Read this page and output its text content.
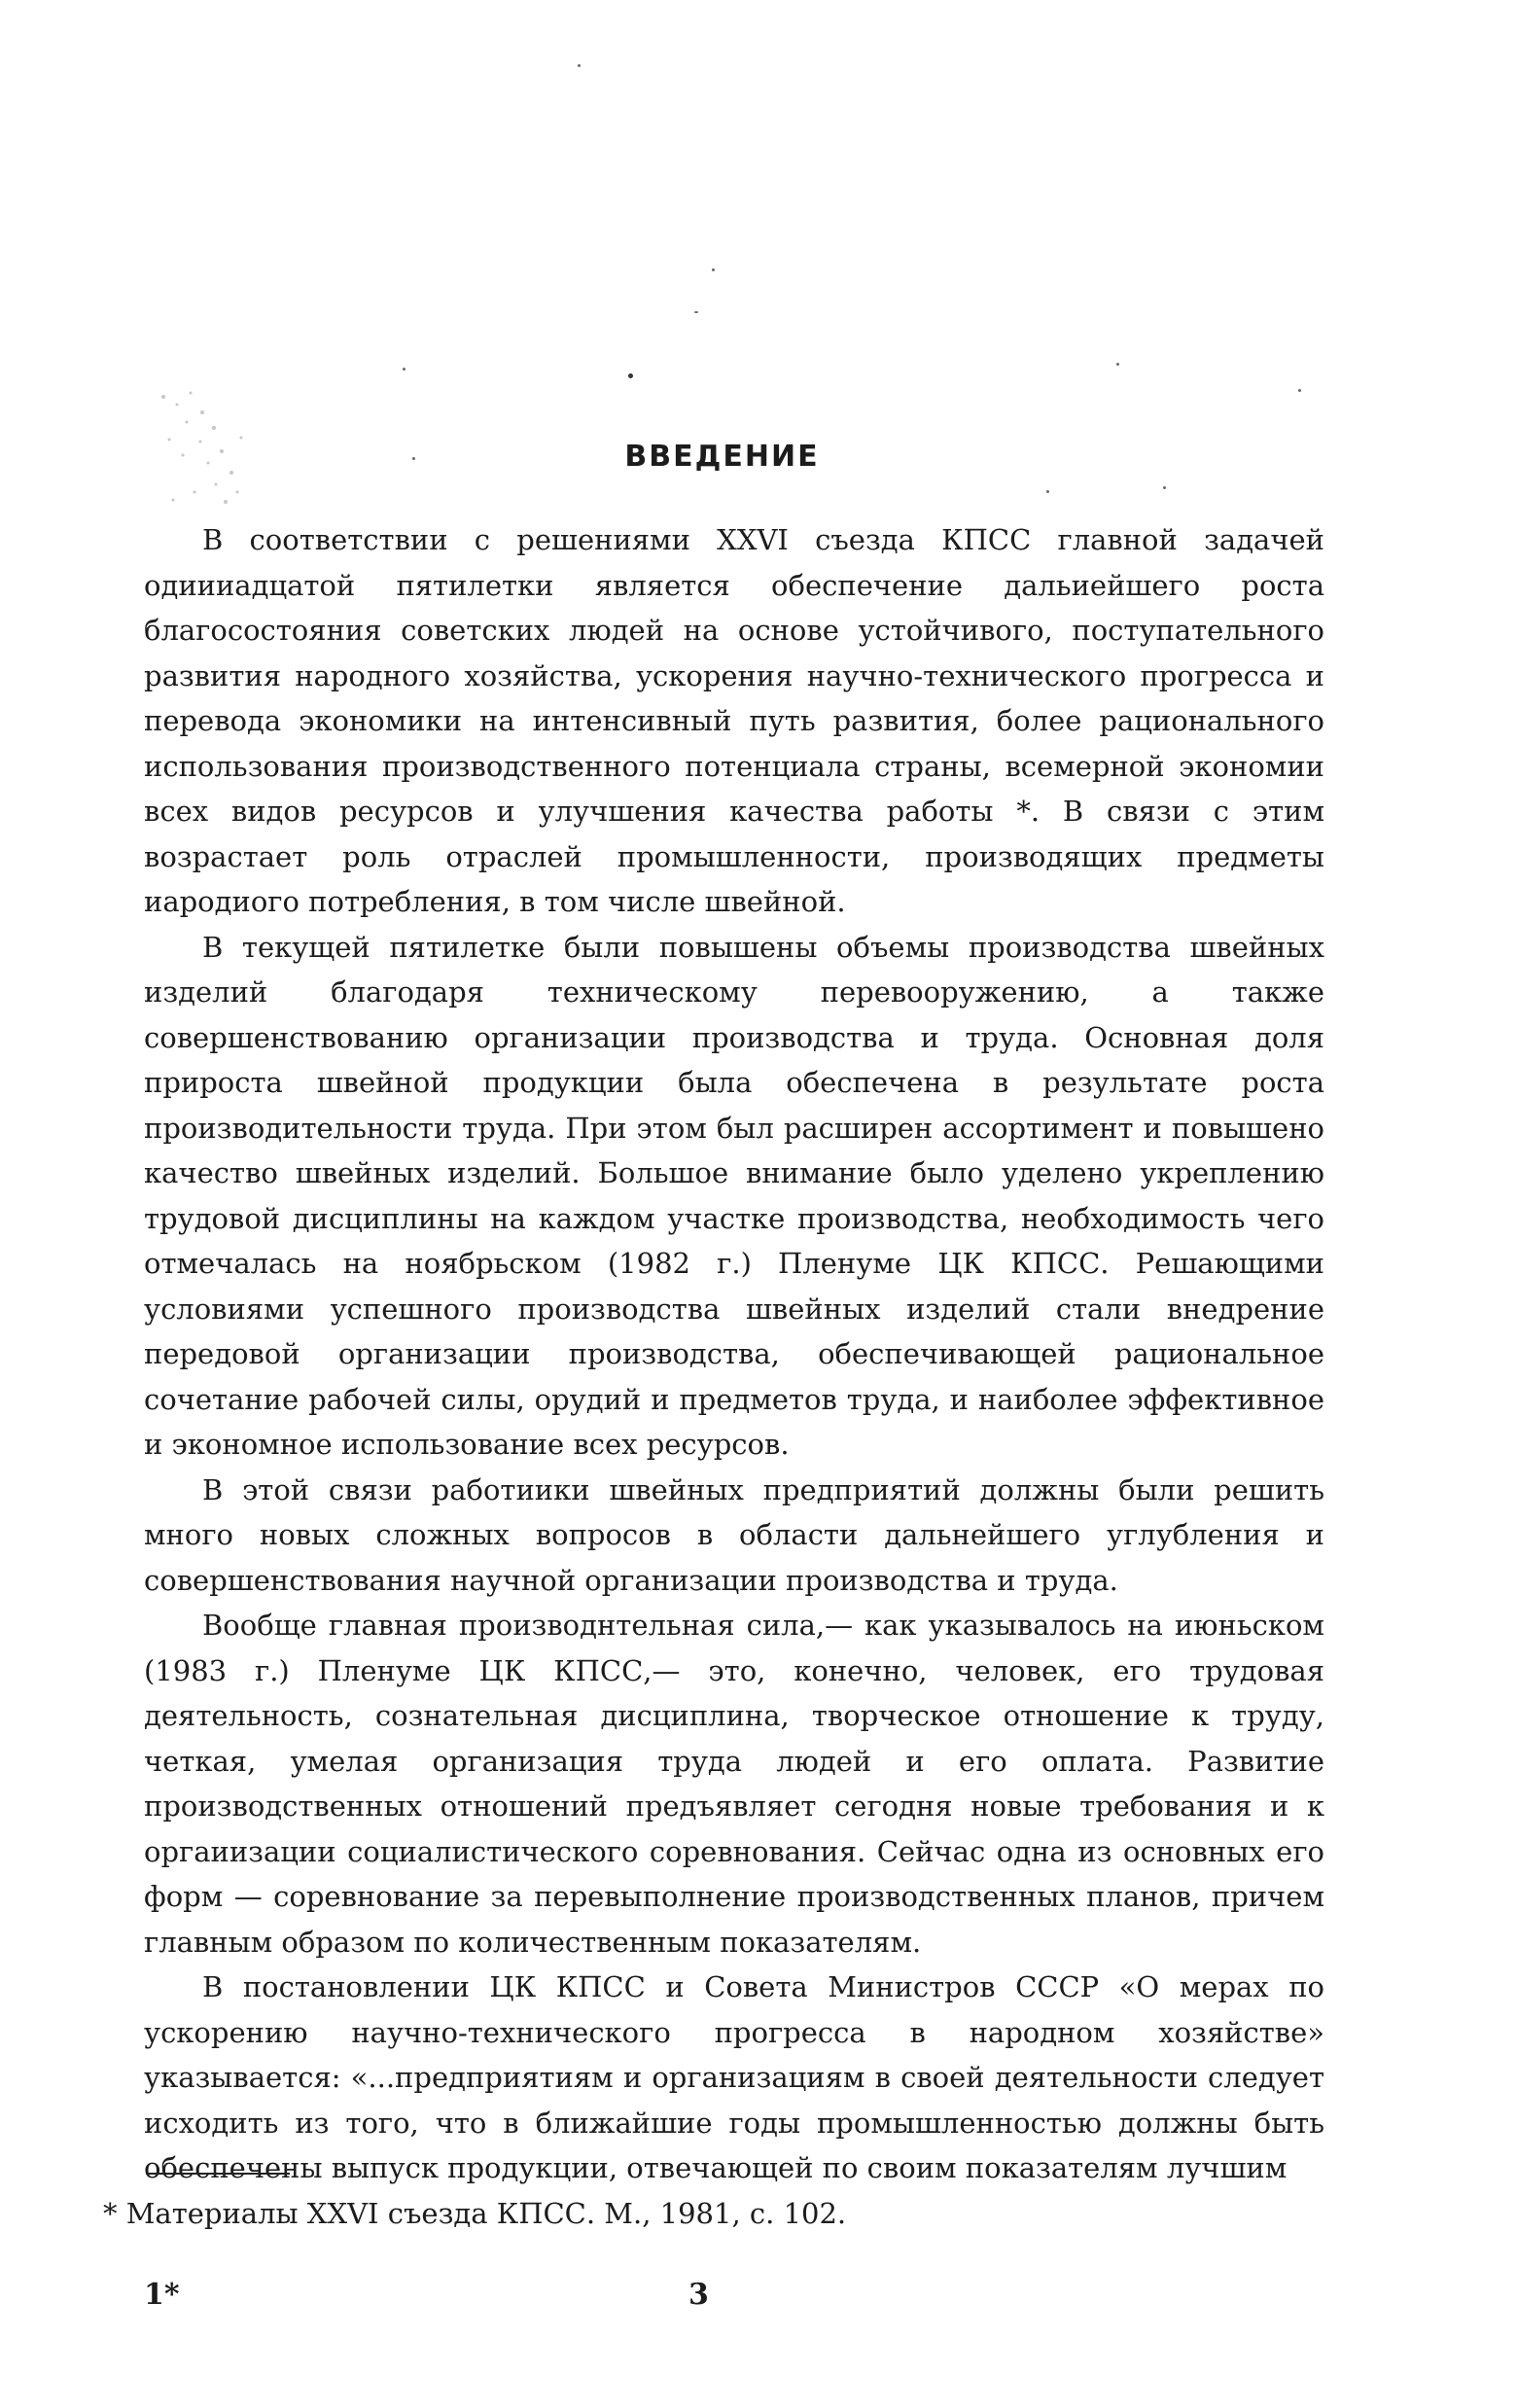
ВВЕДЕНИЕ

В соответствии с решениями XXVI съезда КПСС главной задачей одиииадцатой пятилетки является обеспечение дальиейшего роста благосостояния советских людей на основе устойчивого, поступательного развития народного хозяйства, ускорения научно-технического прогресса и перевода экономики на интенсивный путь развития, более рационального использования производственного потенциала страны, всемерной экономии всех видов ресурсов и улучшения качества работы *. В связи с этим возрастает роль отраслей промышленности, производящих предметы иародиого потребления, в том числе швейной.

В текущей пятилетке были повышены объемы производства швейных изделий благодаря техническому перевооружению, а также совершенствованию организации производства и труда. Основная доля прироста швейной продукции была обеспечена в результате роста производительности труда. При этом был расширен ассортимент и повышено качество швейных изделий. Большое внимание было уделено укреплению трудовой дисциплины на каждом участке производства, необходимость чего отмечалась на ноябрьском (1982 г.) Пленуме ЦК КПСС. Решающими условиями успешного производства швейных изделий стали внедрение передовой организации производства, обеспечивающей рациональное сочетание рабочей силы, орудий и предметов труда, и наиболее эффективное и экономное использование всех ресурсов.

В этой связи работиики швейных предприятий должны были решить много новых сложных вопросов в области дальнейшего углубления и совершенствования научной организации производства и труда.

Вообще главная производнтельная сила,— как указывалось на июньском (1983 г.) Пленуме ЦК КПСС,— это, конечно, человек, его трудовая деятельность, сознательная дисциплина, творческое отношение к труду, четкая, умелая организация труда людей и его оплата. Развитие производственных отношений предъявляет сегодня новые требования и к оргаиизации социалистического соревнования. Сейчас одна из основных его форм — соревнование за перевыполнение производственных планов, причем главным образом по количественным показателям.

В постановлении ЦК КПСС и Совета Министров СССР «О мерах по ускорению научно-технического прогресса в народном хозяйстве» указывается: «...предприятиям и организациям в своей деятельности следует исходить из того, что в ближайшие годы промышленностью должны быть обеспечены выпуск продукции, отвечающей по своим показателям лучшим

* Материалы XXVI съезда КПСС. М., 1981, с. 102.

1*	3
